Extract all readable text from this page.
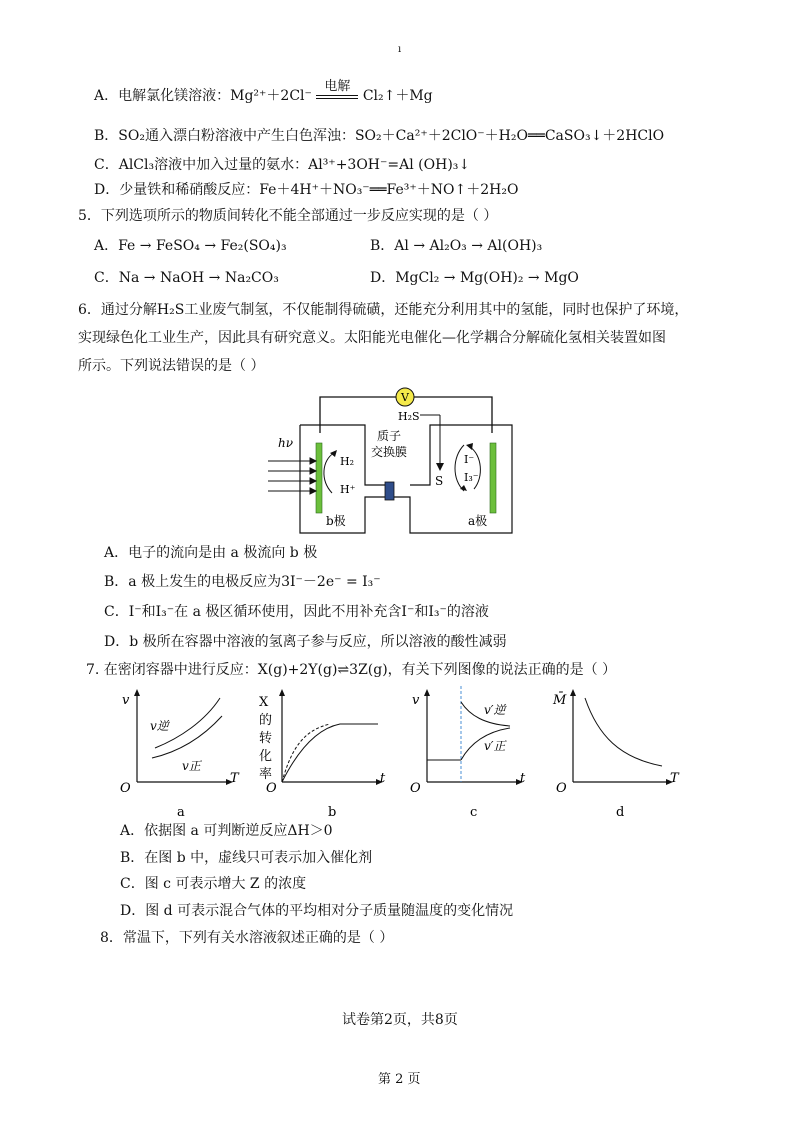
ı
A．电解氯化镁溶液：Mg²⁺＋2Cl⁻
电解
Cl₂↑＋Mg
B．SO₂通入漂白粉溶液中产生白色浑浊：SO₂＋Ca²⁺＋2ClO⁻＋H₂O══CaSO₃↓＋2HClO
C．AlCl₃溶液中加入过量的氨水：Al³⁺+3OH⁻=Al (OH)₃↓
D．少量铁和稀硝酸反应：Fe＋4H⁺＋NO₃⁻══Fe³⁺＋NO↑＋2H₂O
5．下列选项所示的物质间转化不能全部通过一步反应实现的是（ ）
A．Fe → FeSO₄ → Fe₂(SO₄)₃	B．Al → Al₂O₃ → Al(OH)₃
C．Na → NaOH → Na₂CO₃	D．MgCl₂ → Mg(OH)₂ → MgO
6．通过分解H₂S工业废气制氢，不仅能制得硫磺，还能充分利用其中的氢能，同时也保护了环境，
实现绿色化工业生产，因此具有研究意义。太阳能光电催化—化学耦合分解硫化氢相关装置如图
所示。下列说法错误的是（ ）
V
质子
交换膜
H₂S
S
b极	a极
hν
H₂
H⁺
I⁻
I₃⁻
A．电子的流向是由 a 极流向 b 极
B．a 极上发生的电极反应为3I⁻－2e⁻ = I₃⁻
C．I⁻和I₃⁻在 a 极区循环使用，因此不用补充含I⁻和I₃⁻的溶液
D．b 极所在容器中溶液的氢离子参与反应，所以溶液的酸性减弱
7. 在密闭容器中进行反应：X(g)+2Y(g)⇌3Z(g)，有关下列图像的说法正确的是（ ）
v
T
O
v逆
v正
a
X
的
转
化
率	t
O
b
v
t
O
v′逆
v′正
c
M̄
T
O
d
A．依据图 a 可判断逆反应ΔH＞0
B．在图 b 中，虚线只可表示加入催化剂
C．图 c 可表示增大 Z 的浓度
D．图 d 可表示混合气体的平均相对分子质量随温度的变化情况
8．常温下，下列有关水溶液叙述正确的是（ ）
试卷第2页，共8页
第 2 页
